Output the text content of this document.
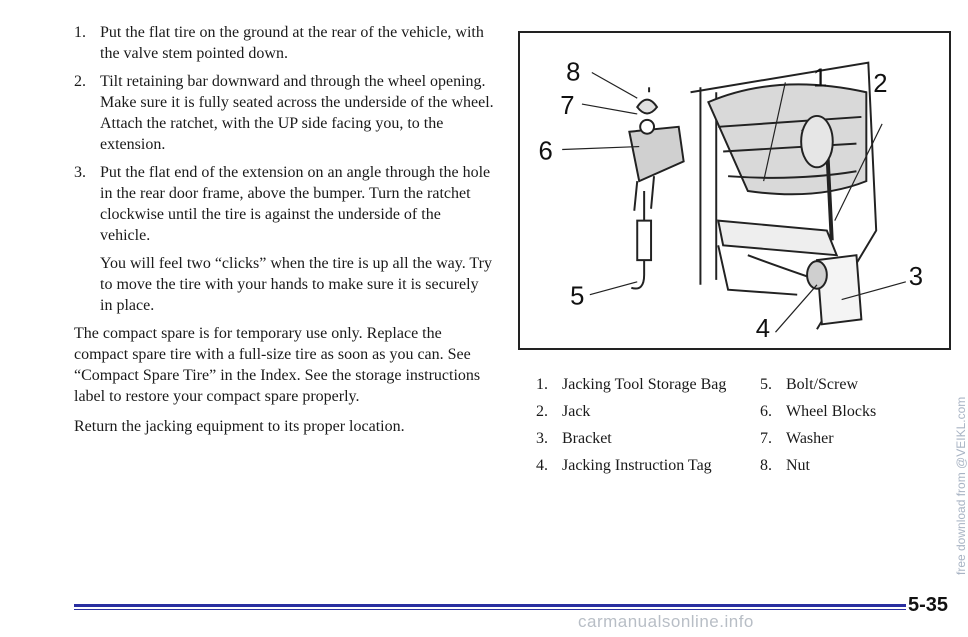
1. Put the flat tire on the ground at the rear of the vehicle, with the valve stem pointed down.
2. Tilt retaining bar downward and through the wheel opening. Make sure it is fully seated across the underside of the wheel. Attach the ratchet, with the UP side facing you, to the extension.
3. Put the flat end of the extension on an angle through the hole in the rear door frame, above the bumper. Turn the ratchet clockwise until the tire is against the underside of the vehicle.
You will feel two “clicks” when the tire is up all the way. Try to move the tire with your hands to make sure it is securely in place.
The compact spare is for temporary use only. Replace the compact spare tire with a full-size tire as soon as you can. See “Compact Spare Tire” in the Index. See the storage instructions label to restore your compact spare properly.
Return the jacking equipment to its proper location.
1 2
3
4
5
6
7
8
1. Jacking Tool Storage Bag
2. Jack
3. Bracket
4. Jacking Instruction Tag
5. Bolt/Screw
6. Wheel Blocks
7. Washer
8. Nut
5-35
free download from @VEIKL.com
carmanualsonline.info
